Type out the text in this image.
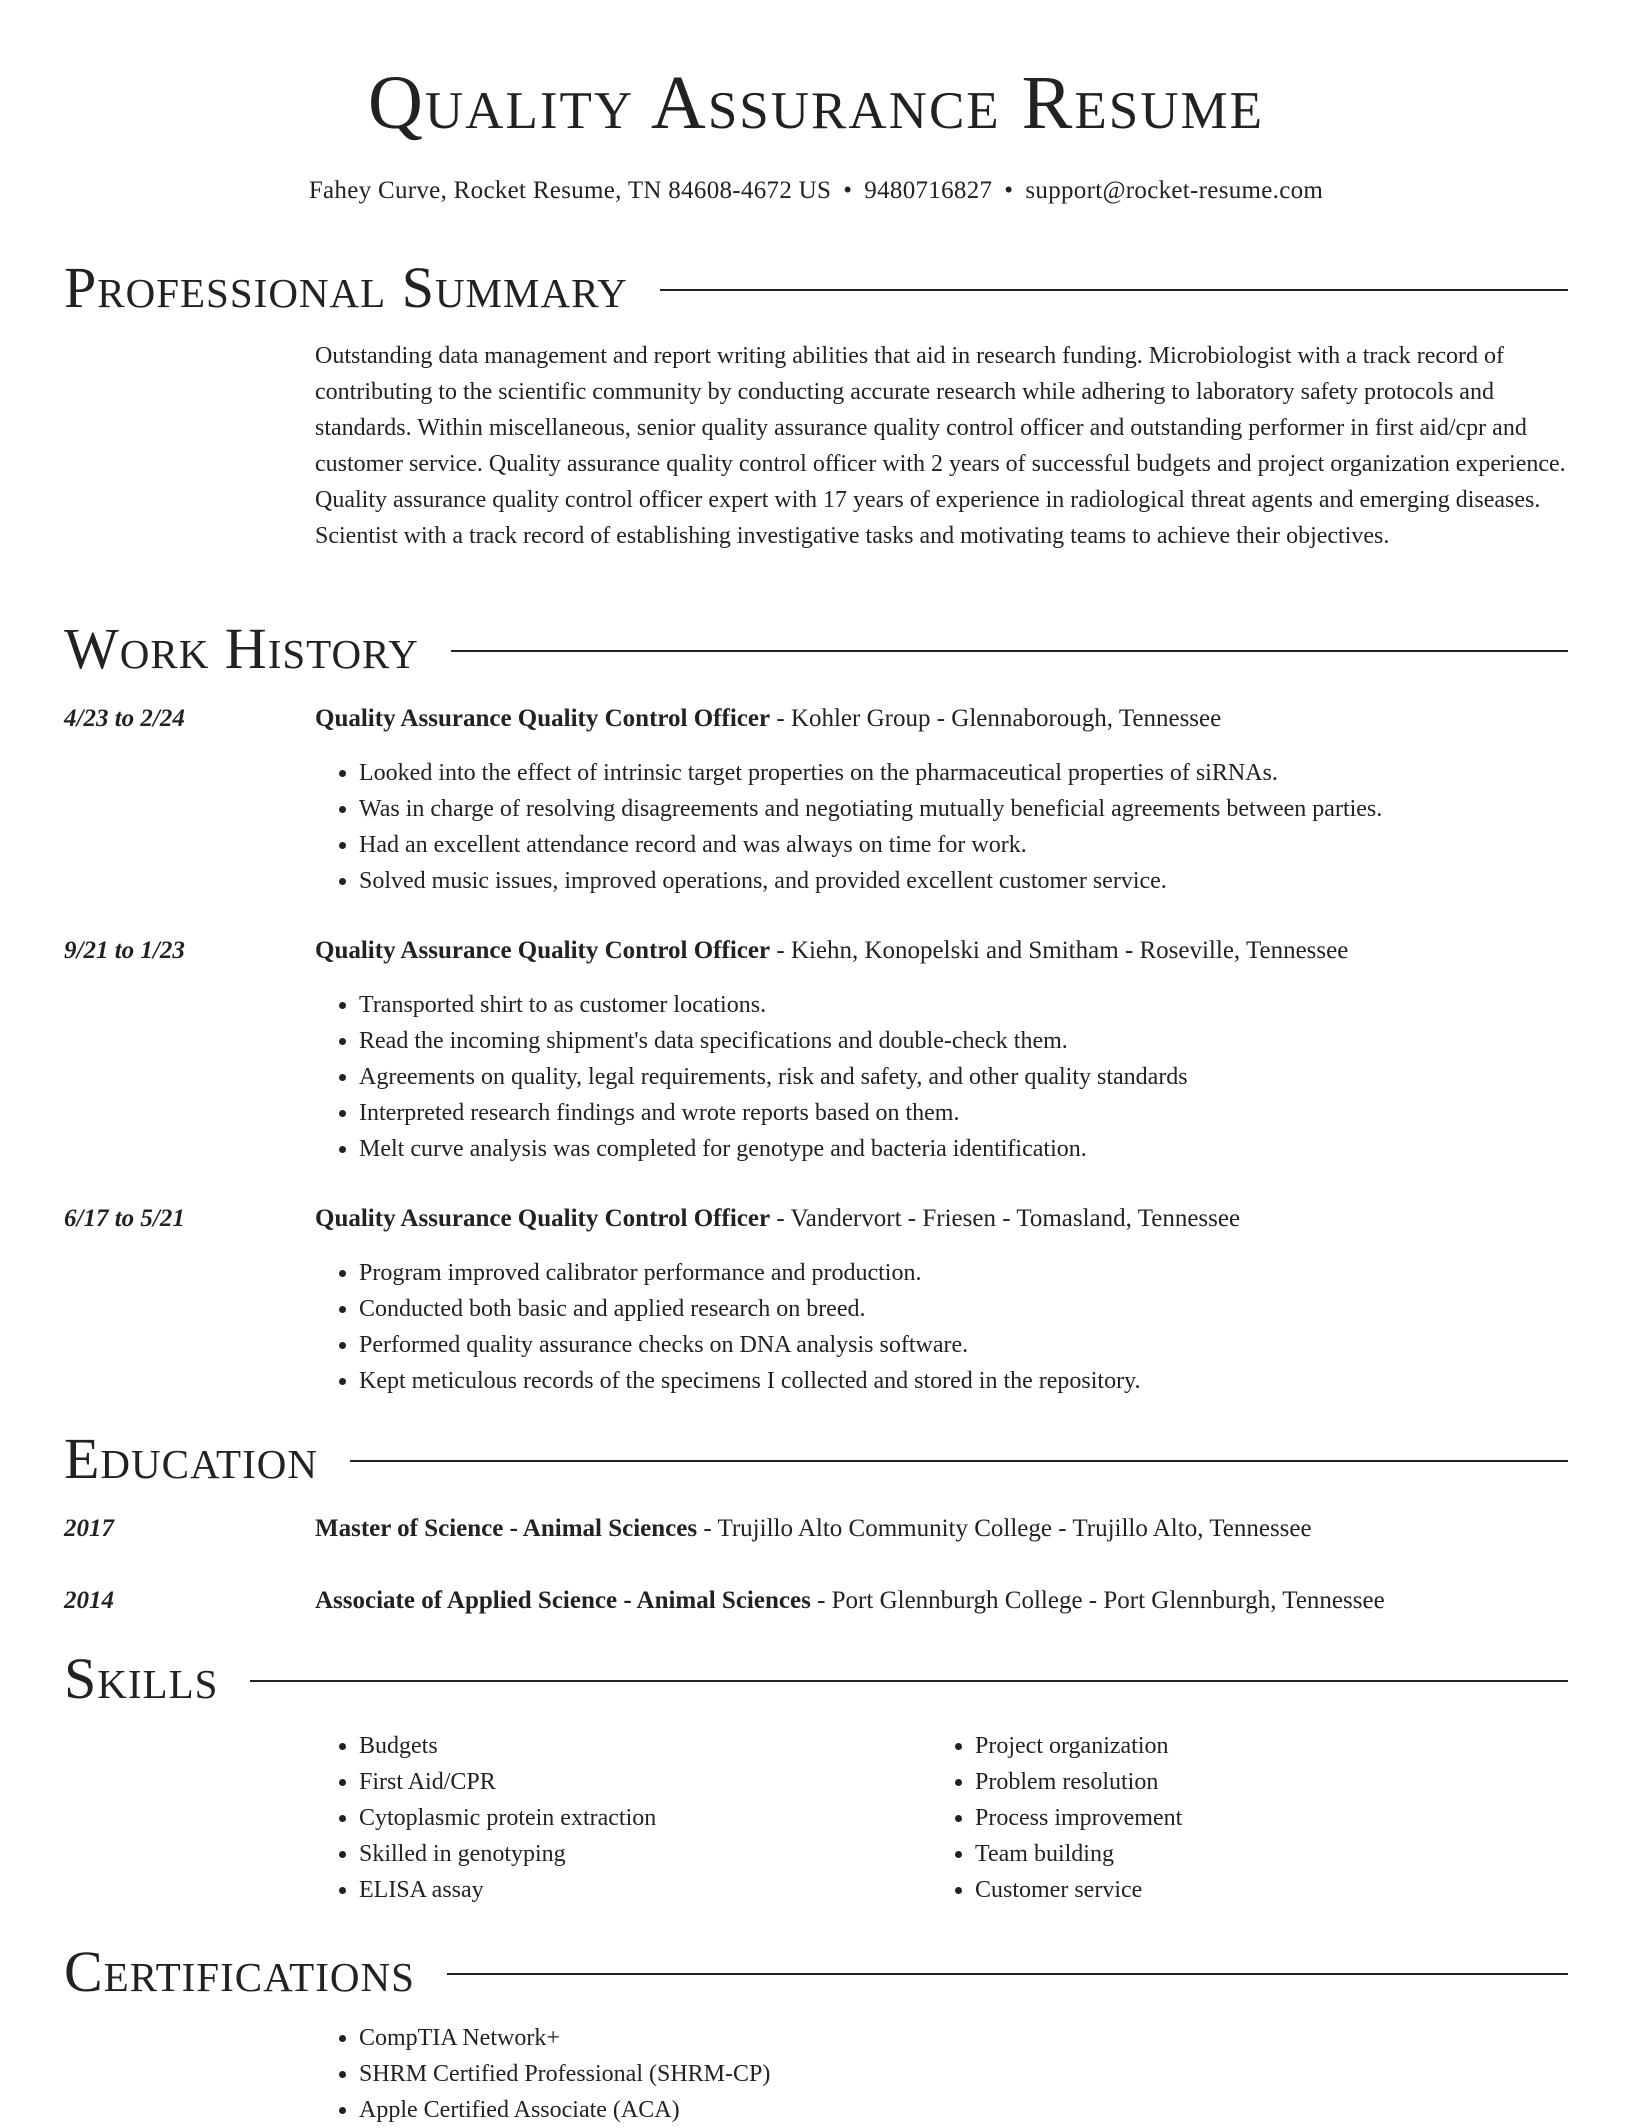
Quality Assurance Resume
Fahey Curve, Rocket Resume, TN 84608-4672 US • 9480716827 • support@rocket-resume.com
Professional Summary

Outstanding data management and report writing abilities that aid in research funding. Microbiologist with a track record of contributing to the scientific community by conducting accurate research while adhering to laboratory safety protocols and standards. Within miscellaneous, senior quality assurance quality control officer and outstanding performer in first aid/cpr and customer service. Quality assurance quality control officer with 2 years of successful budgets and project organization experience. Quality assurance quality control officer expert with 17 years of experience in radiological threat agents and emerging diseases. Scientist with a track record of establishing investigative tasks and motivating teams to achieve their objectives.

Work History
4/23 to 2/24	Quality Assurance Quality Control Officer - Kohler Group - Glennaborough, Tennessee
• Looked into the effect of intrinsic target properties on the pharmaceutical properties of siRNAs.
• Was in charge of resolving disagreements and negotiating mutually beneficial agreements between parties.
• Had an excellent attendance record and was always on time for work.
• Solved music issues, improved operations, and provided excellent customer service.
9/21 to 1/23	Quality Assurance Quality Control Officer - Kiehn, Konopelski and Smitham - Roseville, Tennessee
• Transported shirt to as customer locations.
• Read the incoming shipment's data specifications and double-check them.
• Agreements on quality, legal requirements, risk and safety, and other quality standards
• Interpreted research findings and wrote reports based on them.
• Melt curve analysis was completed for genotype and bacteria identification.
6/17 to 5/21	Quality Assurance Quality Control Officer - Vandervort - Friesen - Tomasland, Tennessee
• Program improved calibrator performance and production.
• Conducted both basic and applied research on breed.
• Performed quality assurance checks on DNA analysis software.
• Kept meticulous records of the specimens I collected and stored in the repository.
Education
2017	Master of Science - Animal Sciences - Trujillo Alto Community College - Trujillo Alto, Tennessee
2014	Associate of Applied Science - Animal Sciences - Port Glennburgh College - Port Glennburgh, Tennessee
Skills
• Budgets
• First Aid/CPR
• Cytoplasmic protein extraction
• Skilled in genotyping
• ELISA assay
• Project organization
• Problem resolution
• Process improvement
• Team building
• Customer service
Certifications
• CompTIA Network+
• SHRM Certified Professional (SHRM-CP)
• Apple Certified Associate (ACA)
